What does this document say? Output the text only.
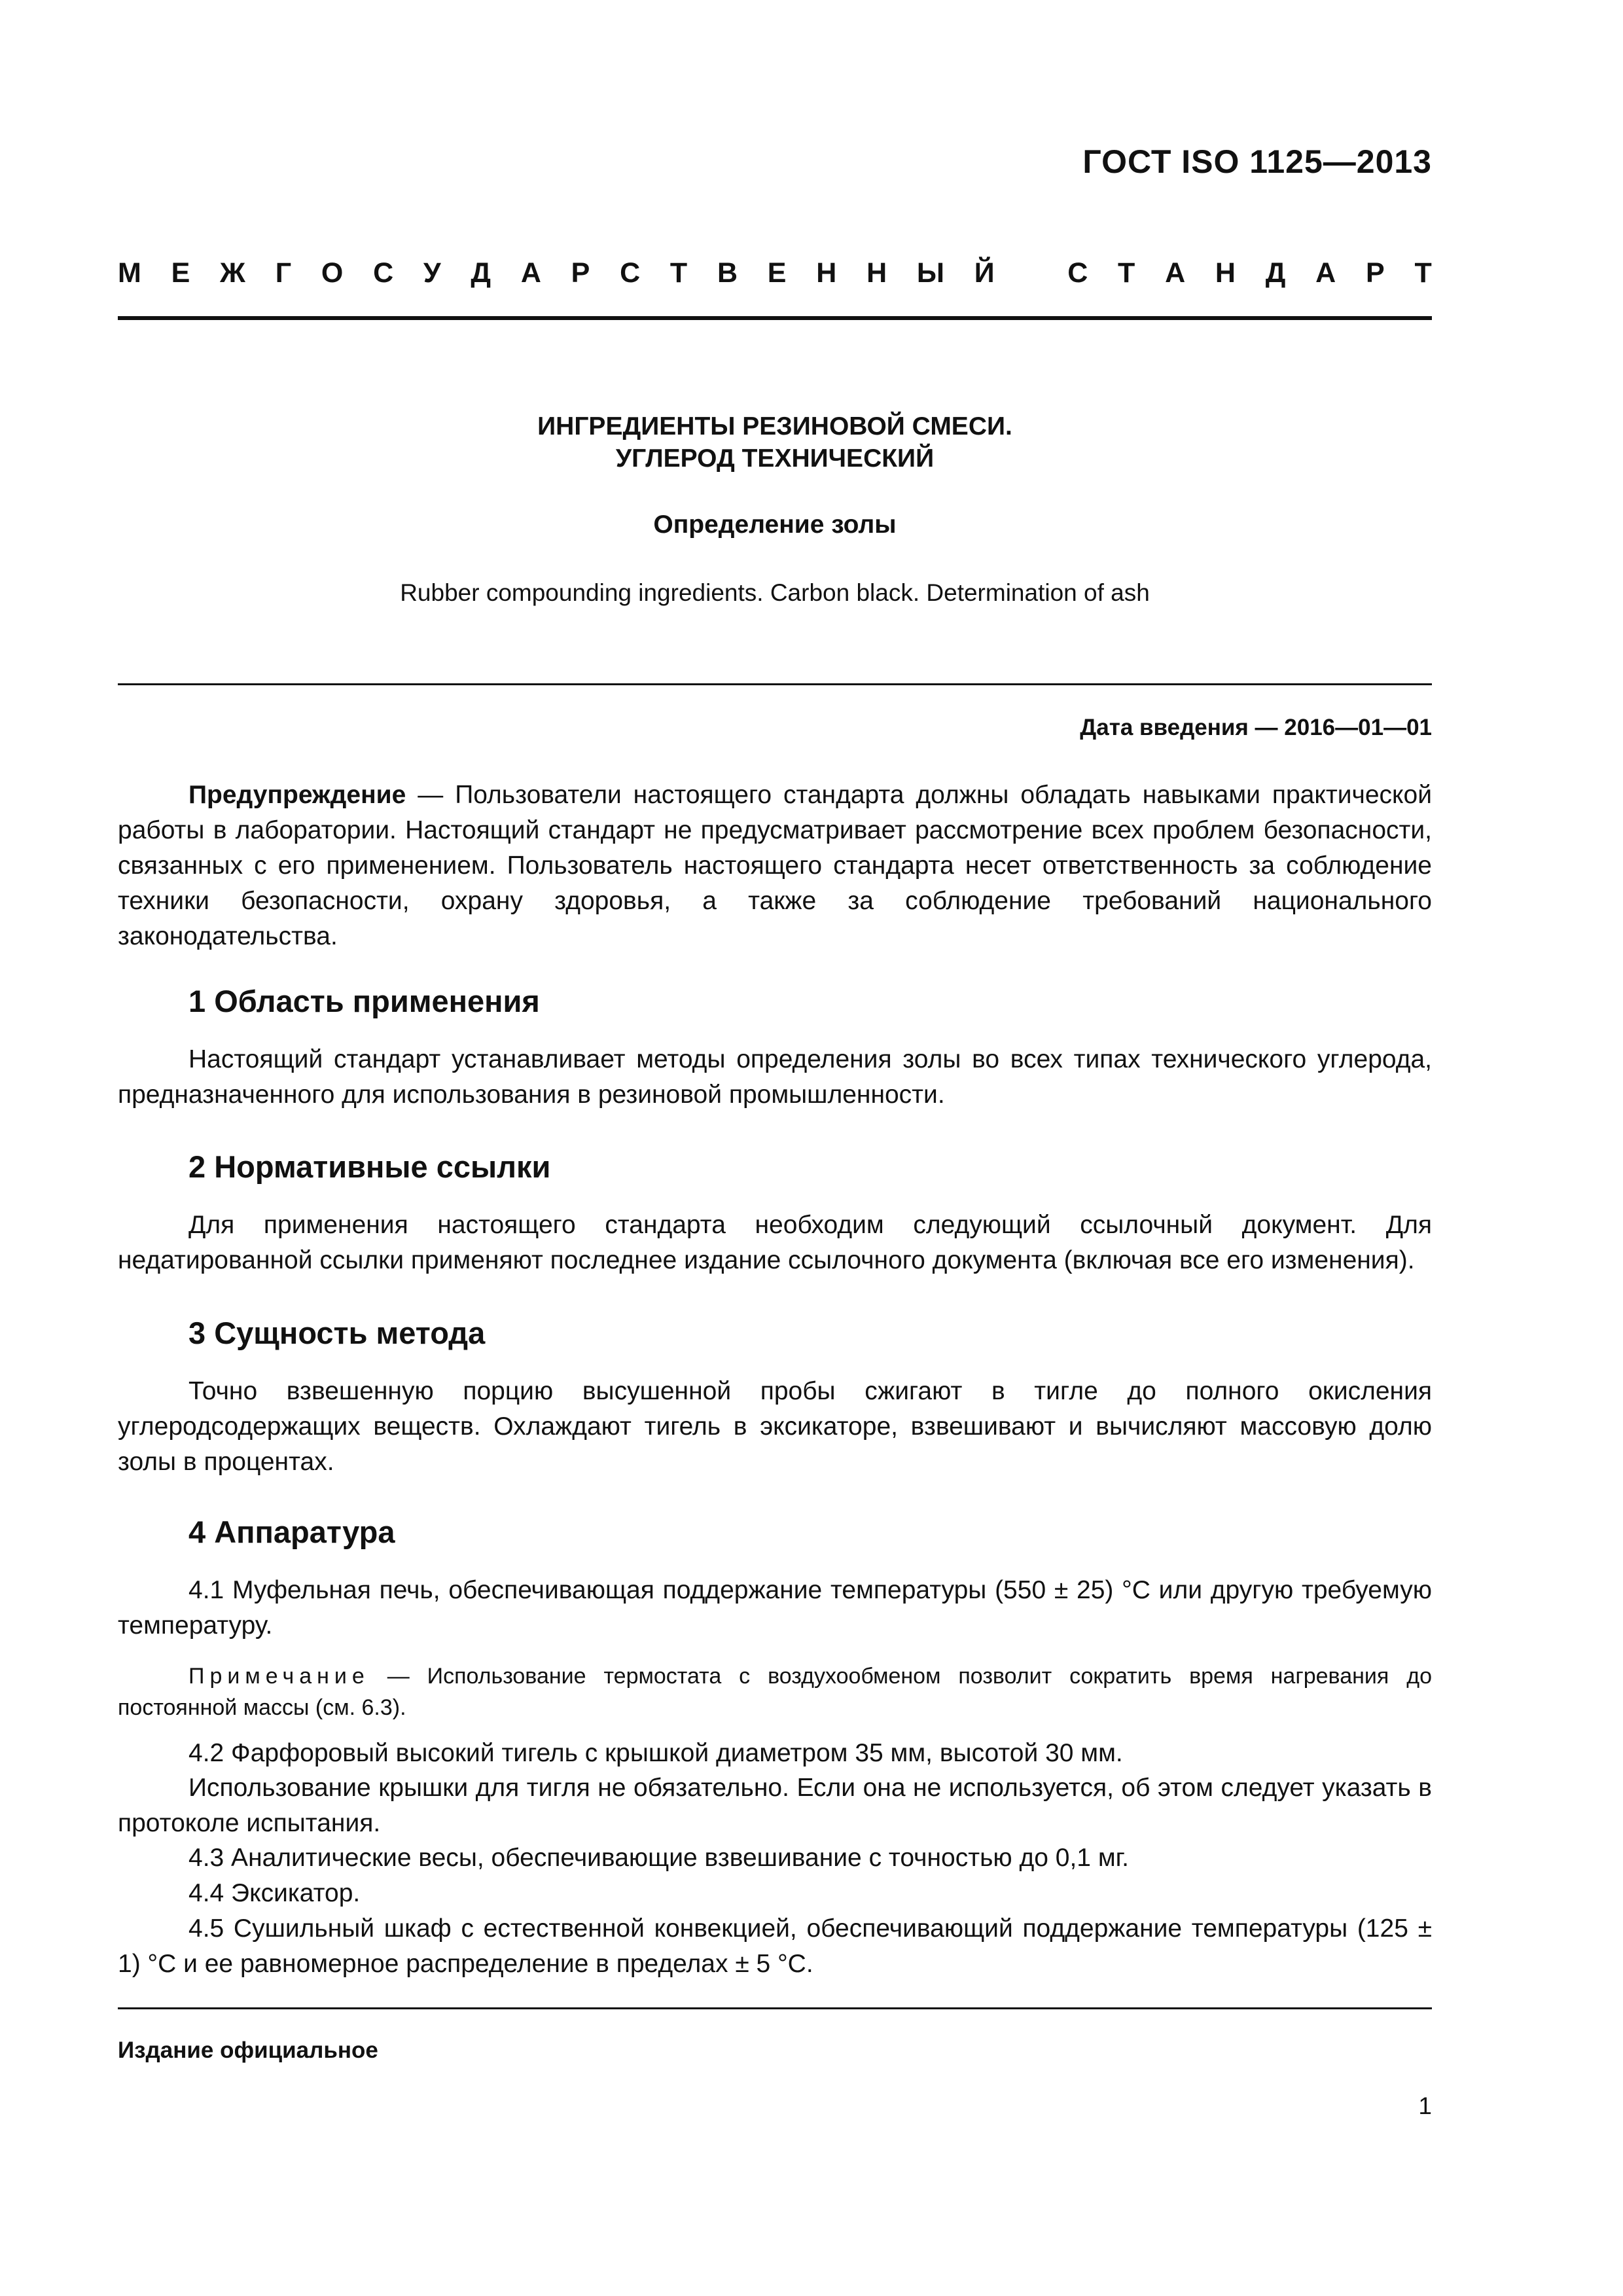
ГОСТ ISO 1125—2013
М Е Ж Г О С У Д А Р С Т В Е Н Н Ы Й	С Т А Н Д А Р Т
ИНГРЕДИЕНТЫ РЕЗИНОВОЙ СМЕСИ.
УГЛЕРОД ТЕХНИЧЕСКИЙ
Определение золы
Rubber compounding ingredients. Carbon black. Determination of ash
Дата введения — 2016—01—01
Предупреждение — Пользователи настоящего стандарта должны обладать навыками практической работы в лаборатории. Настоящий стандарт не предусматривает рассмотрение всех проблем безопасности, связанных с его применением. Пользователь настоящего стандарта несет ответственность за соблюдение техники безопасности, охрану здоровья, а также за соблюдение требований национального законодательства.
1 Область применения
Настоящий стандарт устанавливает методы определения золы во всех типах технического углерода, предназначенного для использования в резиновой промышленности.
2 Нормативные ссылки
Для применения настоящего стандарта необходим следующий ссылочный документ. Для недатированной ссылки применяют последнее издание ссылочного документа (включая все его изменения).
3 Сущность метода
Точно взвешенную порцию высушенной пробы сжигают в тигле до полного окисления углеродсодержащих веществ. Охлаждают тигель в эксикаторе, взвешивают и вычисляют массовую долю золы в процентах.
4 Аппаратура
4.1 Муфельная печь, обеспечивающая поддержание температуры (550 ± 25) °С или другую требуемую температуру.
Примечание — Использование термостата с воздухообменом позволит сократить время нагревания до постоянной массы (см. 6.3).
4.2 Фарфоровый высокий тигель с крышкой диаметром 35 мм, высотой 30 мм.
Использование крышки для тигля не обязательно. Если она не используется, об этом следует указать в протоколе испытания.
4.3 Аналитические весы, обеспечивающие взвешивание с точностью до 0,1 мг.
4.4 Эксикатор.
4.5 Сушильный шкаф с естественной конвекцией, обеспечивающий поддержание температуры (125 ± 1) °С и ее равномерное распределение в пределах ± 5 °С.
Издание официальное
1
